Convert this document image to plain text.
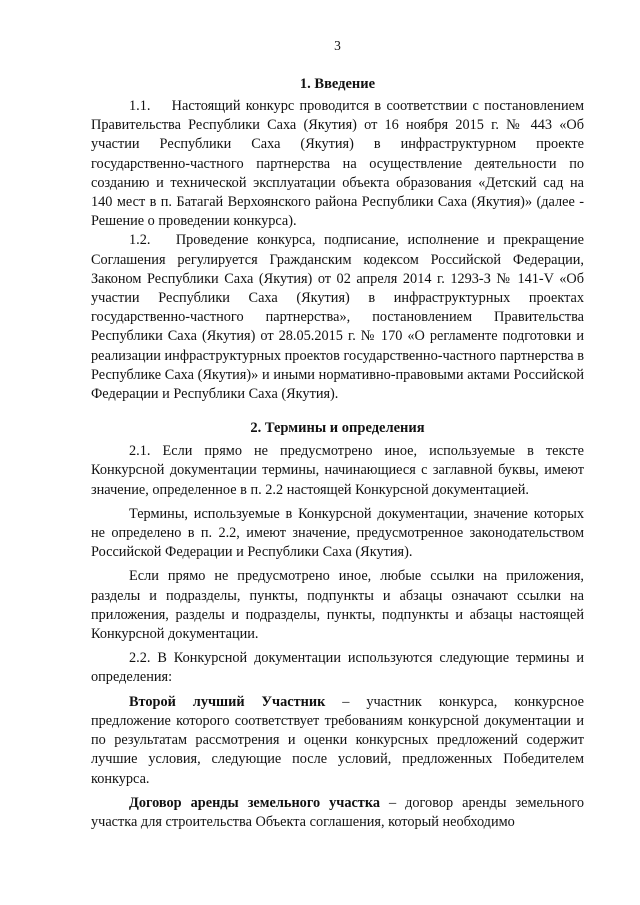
3
1. Введение

1.1.    Настоящий конкурс проводится в соответствии с постановлением Правительства Республики Саха (Якутия) от 16 ноября 2015 г. № 443 «Об участии Республики Саха (Якутия) в инфраструктурном проекте государственно-частного партнерства на осуществление деятельности по созданию и технической эксплуатации объекта образования «Детский сад на 140 мест в п. Батагай Верхоянского района Республики Саха (Якутия)» (далее - Решение о проведении конкурса).

1.2.   Проведение конкурса, подписание, исполнение и прекращение Соглашения регулируется Гражданским кодексом Российской Федерации, Законом Республики Саха (Якутия) от 02 апреля 2014 г. 1293-З № 141-V «Об участии Республики Саха (Якутия) в инфраструктурных проектах государственно-частного партнерства», постановлением Правительства Республики Саха (Якутия) от 28.05.2015 г. № 170 «О регламенте подготовки и реализации инфраструктурных проектов государственно-частного партнерства в Республике Саха (Якутия)» и иными нормативно-правовыми актами Российской Федерации и Республики Саха (Якутия).

2. Термины и определения

2.1. Если прямо не предусмотрено иное, используемые в тексте Конкурсной документации термины, начинающиеся с заглавной буквы, имеют значение, определенное в п. 2.2 настоящей Конкурсной документацией.

Термины, используемые в Конкурсной документации, значение которых не определено в п. 2.2, имеют значение, предусмотренное законодательством Российской Федерации и Республики Саха (Якутия).

Если прямо не предусмотрено иное, любые ссылки на приложения, разделы и подразделы, пункты, подпункты и абзацы означают ссылки на приложения, разделы и подразделы, пункты, подпункты и абзацы настоящей Конкурсной документации.

2.2. В Конкурсной документации используются следующие термины и определения:

Второй лучший Участник – участник конкурса, конкурсное предложение которого соответствует требованиям конкурсной документации и по результатам рассмотрения и оценки конкурсных предложений содержит лучшие условия, следующие после условий, предложенных Победителем конкурса.

Договор аренды земельного участка – договор аренды земельного участка для строительства Объекта соглашения, который необходимо
